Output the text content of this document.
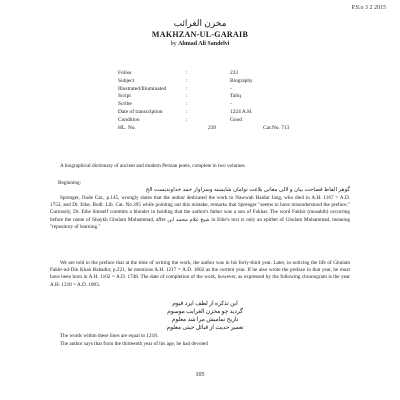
P.S.o 3 2 2015
مخزن الغرائب
MAKHZAN-UL-GARAIB
by Ahmad Ali Sandelvi
Folios	:	233
Subject	:	Biography
Illustrated/Illuminated	:	-
Script	:	Taliq
Scribe	:	-
Date of transcription	:	1224 A.H.
Condition	:	Good
HL. No.	239	Cat.No. 713
A biographical dictionary of ancient and modern Persian poets, complete in two volumes.
Beginning:
گوهر الفاظ فصاحت بیان و لالی معانی بلاغت توامان شایسته وسزاوار حمد خداوندیست الخ
Sprenger, Oude Cat., p.145, wrongly states that the author dedicated the work to Nawwab Haidar Jang, who died in A.H. 1167 = A.D. 1753, and Dr. Ethe, Bodl. Lib. Cat. No.395 while pointing out this mistake, remarks that Sprenger "seems to have misunderstood the preface." Curiously, Dr. Ethe himself commits a blunder in holding that the author's father was a son of Fakhar. The word Fakhir (musahib) occurring before the name of Shaykh Ghulam Muhammad, affer شیخ غلام محمد ابن in Ethe's text is only an epithet of Ghulam Muhammad, meaning "repository of learning."
We are told in the preface that at the time of writing the work, the author was in his forty-third year. Later, in noticing the life of Ghulam Fakhr-ud-Din Khan Bahadur, p.221, he mentions A.H. 1217 = A.D. 1802 as the current year. If he also wrote the preface in that year, he must have been born in A.H. 1162 = A.D. 1748. The date of completion of the work, however, as expressed by the following chronogram is the year A.H. 1218 = A.D. 1803.
این تذکره از لطف ایزد قیوم
گردید چو مخزن الغرایب موسوم
تاریخ تمامیش مرا شد معلوم
تعمیر حدیث از قبائل حیثی معلوم
The words within these lines are equal to 1218.
The author says that from the thirteenth year of his age, he had devoted
105
